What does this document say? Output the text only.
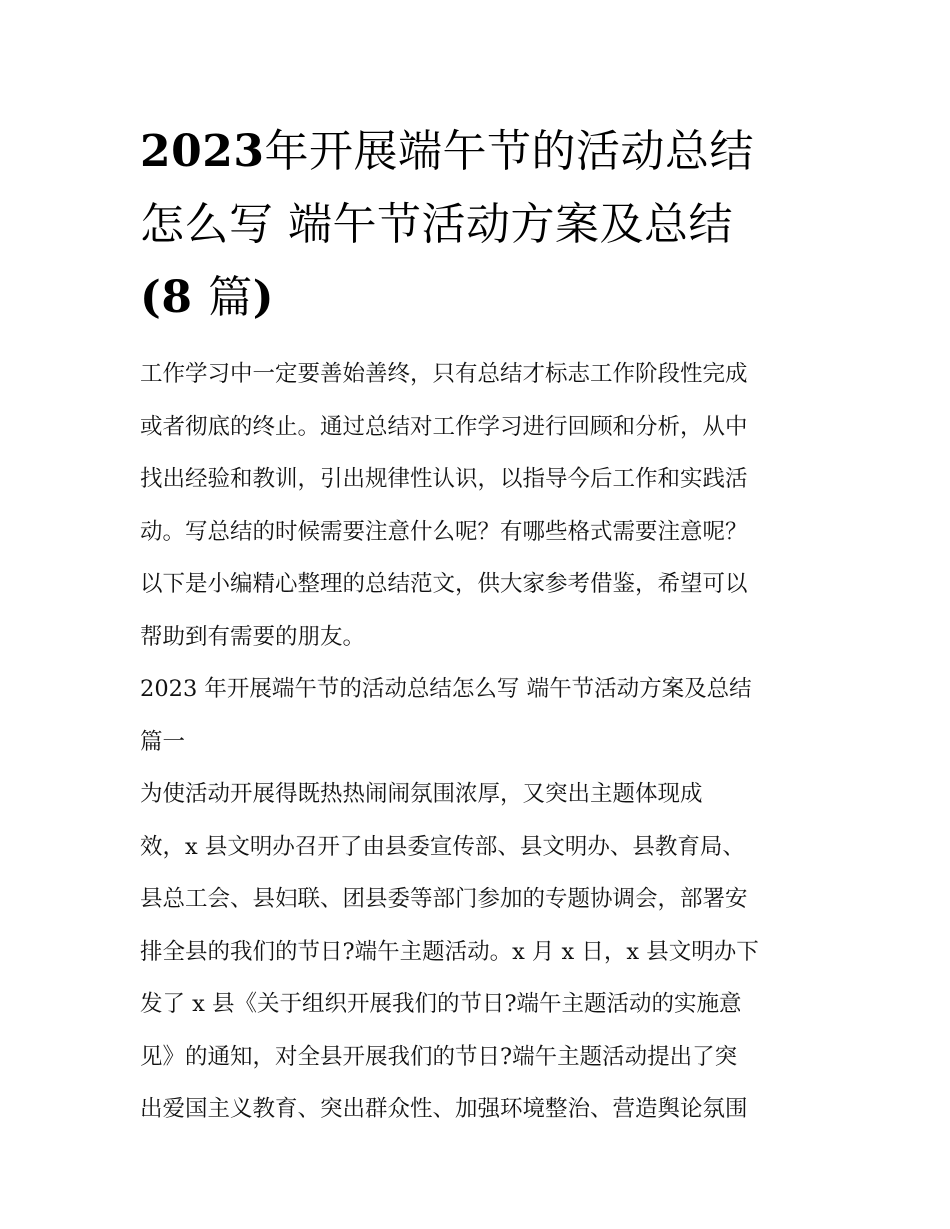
2023年开展端午节的活动总结
怎么写 端午节活动方案及总结
(8 篇)

工作学习中一定要善始善终，只有总结才标志工作阶段性完成
或者彻底的终止。通过总结对工作学习进行回顾和分析，从中
找出经验和教训，引出规律性认识，以指导今后工作和实践活
动。写总结的时候需要注意什么呢？有哪些格式需要注意呢？
以下是小编精心整理的总结范文，供大家参考借鉴，希望可以
帮助到有需要的朋友。

2023 年开展端午节的活动总结怎么写 端午节活动方案及总结
篇一

为使活动开展得既热热闹闹氛围浓厚，又突出主题体现成
效，x 县文明办召开了由县委宣传部、县文明办、县教育局、
县总工会、县妇联、团县委等部门参加的专题协调会，部署安
排全县的我们的节日?端午主题活动。x 月 x 日，x 县文明办下
发了 x 县《关于组织开展我们的节日?端午主题活动的实施意
见》的通知，对全县开展我们的节日?端午主题活动提出了突
出爱国主义教育、突出群众性、加强环境整治、营造舆论氛围
